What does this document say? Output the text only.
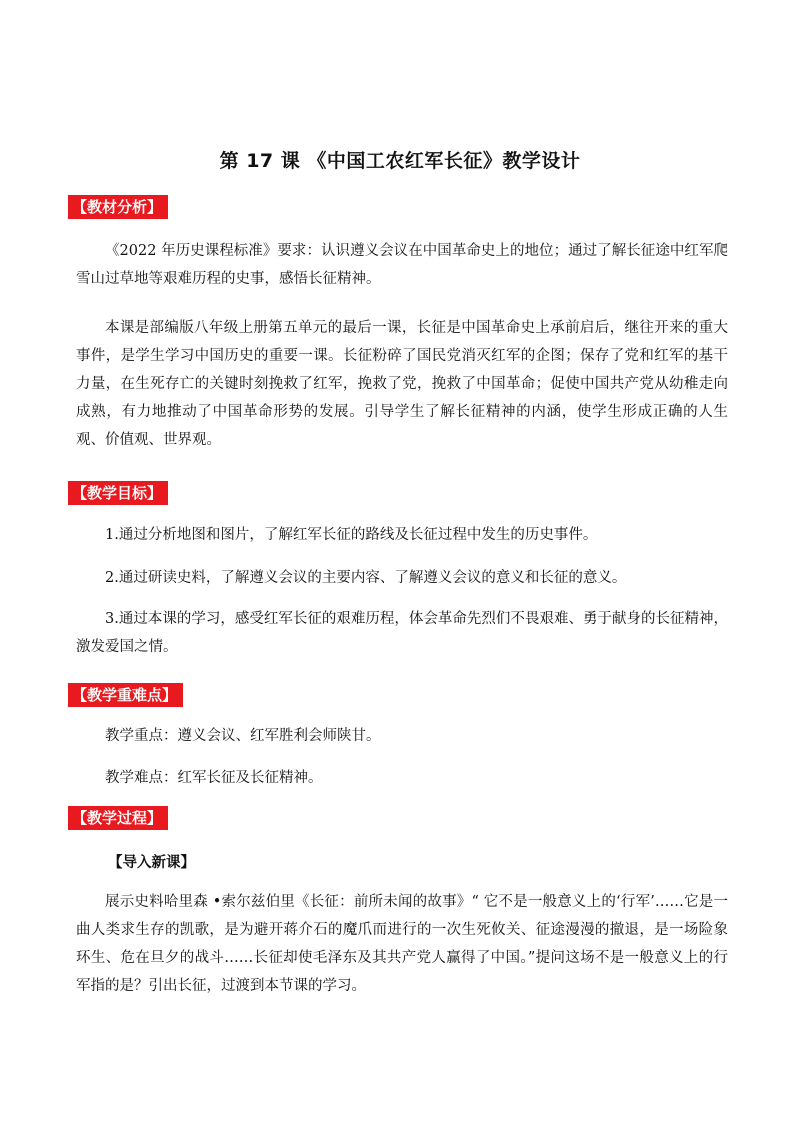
第 17 课 《中国工农红军长征》教学设计
【教材分析】

《2022 年历史课程标准》要求：认识遵义会议在中国革命史上的地位；通过了解长征途中红军爬雪山过草地等艰难历程的史事，感悟长征精神。

本课是部编版八年级上册第五单元的最后一课，长征是中国革命史上承前启后，继往开来的重大事件，是学生学习中国历史的重要一课。长征粉碎了国民党消灭红军的企图；保存了党和红军的基干力量，在生死存亡的关键时刻挽救了红军，挽救了党，挽救了中国革命；促使中国共产党从幼稚走向成熟，有力地推动了中国革命形势的发展。引导学生了解长征精神的内涵，使学生形成正确的人生观、价值观、世界观。

【教学目标】

1.通过分析地图和图片，了解红军长征的路线及长征过程中发生的历史事件。

2.通过研读史料，了解遵义会议的主要内容、了解遵义会议的意义和长征的意义。

3.通过本课的学习，感受红军长征的艰难历程，体会革命先烈们不畏艰难、勇于献身的长征精神，激发爱国之情。

【教学重难点】

教学重点：遵义会议、红军胜利会师陕甘。

教学难点：红军长征及长征精神。

【教学过程】

【导入新课】

展示史料哈里森 •索尔兹伯里《长征：前所未闻的故事》“ 它不是一般意义上的‘行军’……它是一曲人类求生存的凯歌，是为避开蒋介石的魔爪而进行的一次生死攸关、征途漫漫的撤退，是一场险象环生、危在旦夕的战斗……长征却使毛泽东及其共产党人赢得了中国。”提问这场不是一般意义上的行军指的是？引出长征，过渡到本节课的学习。
